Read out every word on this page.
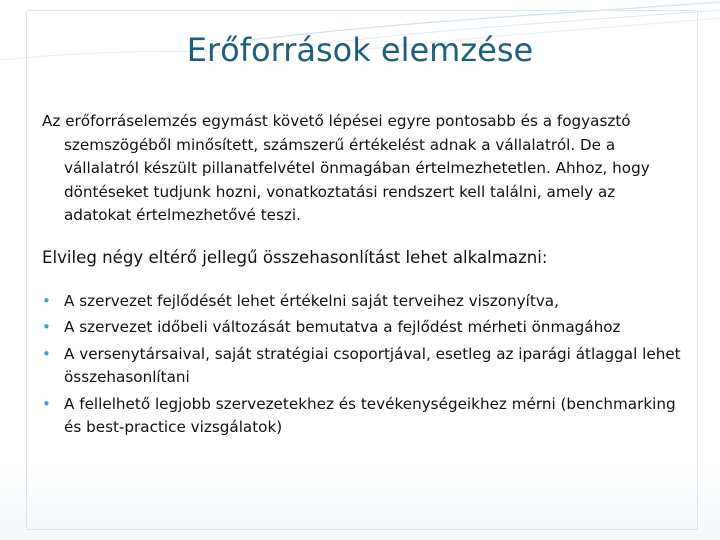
Erőforrások elemzése

Az erőforráselemzés egymást követő lépései egyre pontosabb és a fogyasztó szemszögéből minősített, számszerű értékelést adnak a vállalatról. De a vállalatról készült pillanatfelvétel önmagában értelmezhetetlen. Ahhoz, hogy döntéseket tudjunk hozni, vonatkoztatási rendszert kell találni, amely az adatokat értelmezhetővé teszi.

Elvileg négy eltérő jellegű összehasonlítást lehet alkalmazni:

• A szervezet fejlődését lehet értékelni saját terveihez viszonyítva,
• A szervezet időbeli változását bemutatva a fejlődést mérheti önmagához
• A versenytársaival, saját stratégiai csoportjával, esetleg az iparági átlaggal lehet összehasonlítani
• A fellelhető legjobb szervezetekhez és tevékenységeikhez mérni (benchmarking és best-practice vizsgálatok)
